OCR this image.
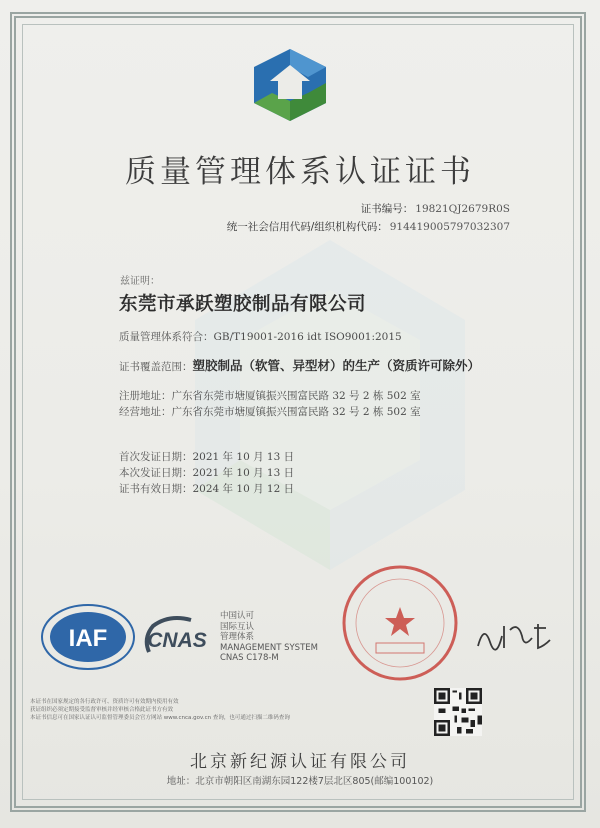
质量管理体系认证证书
证书编号： 19821QJ2679R0S
统一社会信用代码/组织机构代码： 914419005797032307
兹证明：
东莞市承跃塑胶制品有限公司
质量管理体系符合：GB/T19001-2016 idt ISO9001:2015
证书覆盖范围：塑胶制品（软管、异型材）的生产（资质许可除外）
注册地址：广东省东莞市塘厦镇振兴围富民路 32 号 2 栋 502 室
经营地址：广东省东莞市塘厦镇振兴围富民路 32 号 2 栋 502 室
首次发证日期：2021 年 10 月 13 日
本次发证日期：2021 年 10 月 13 日
证书有效日期：2024 年 10 月 12 日
IAF CNAS
中国认可
国际互认
管理体系
MANAGEMENT SYSTEM
CNAS C178-M
本证书在国家规定的各行政许可、资质许可有效期内使用有效
获证组织必须定期接受监督审核并经审核合格此证书方有效
本证书信息可在国家认证认可监督管理委员会官方网站 www.cnca.gov.cn 查询，也可通过扫描二维码查询
北京新纪源认证有限公司
地址：北京市朝阳区南湖东园122楼7层北区805(邮编100102)
